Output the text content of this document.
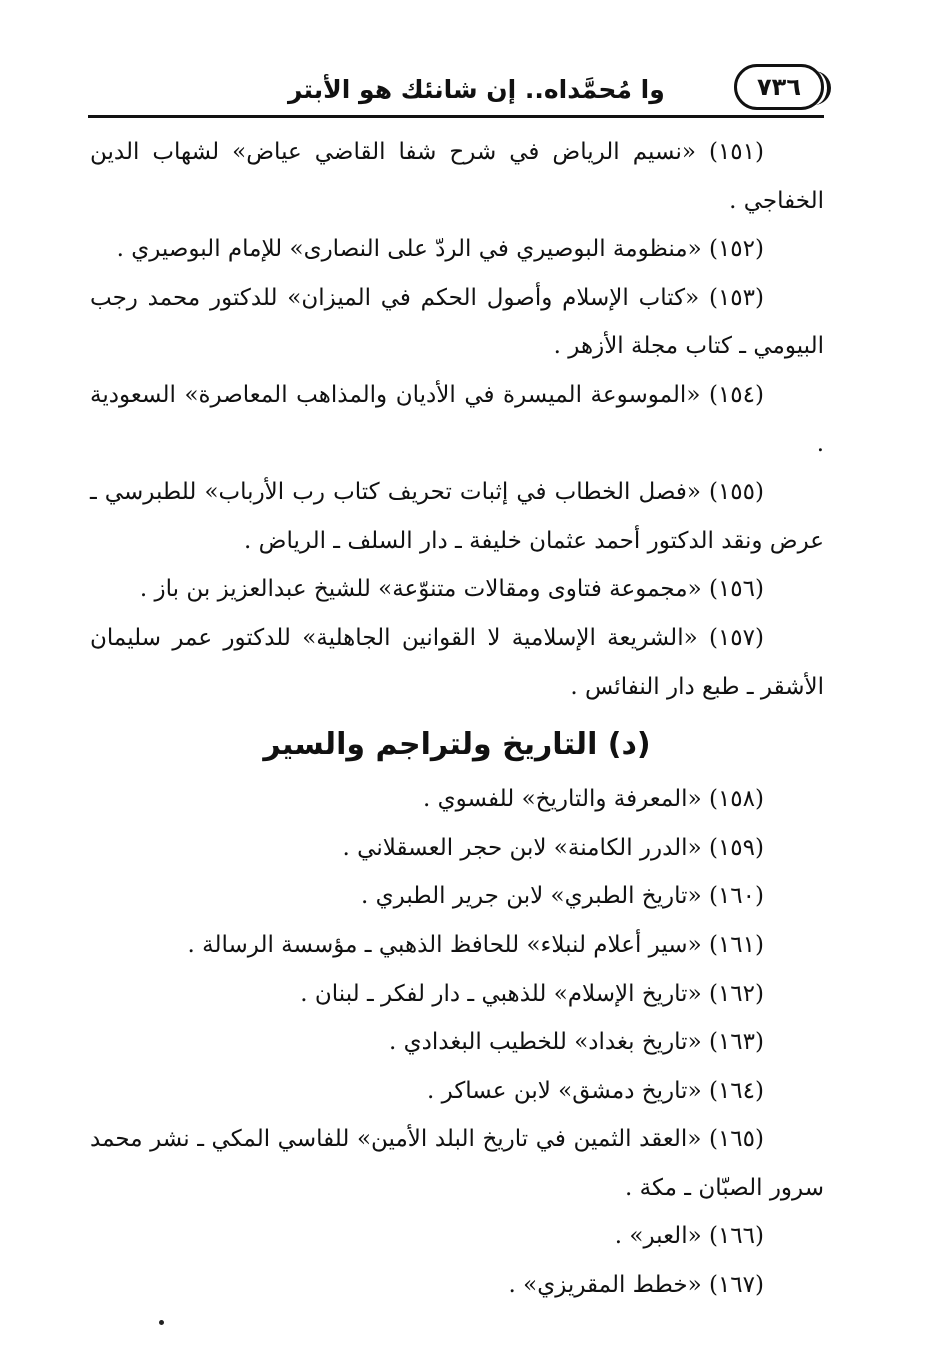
وا مُحمَّداه.. إن شانئك هو الأبتر	٧٣٦

(١٥١) «نسيم الرياض في شرح شفا القاضي عياض» لشهاب الدين الخفاجي .

(١٥٢) «منظومة البوصيري في الردّ على النصارى» للإمام البوصيري .

(١٥٣) «كتاب الإسلام وأصول الحكم في الميزان» للدكتور محمد رجب البيومي ـ كتاب مجلة الأزهر .

(١٥٤) «الموسوعة الميسرة في الأديان والمذاهب المعاصرة» السعودية .

(١٥٥) «فصل الخطاب في إثبات تحريف كتاب رب الأرباب» للطبرسي ـ عرض ونقد الدكتور أحمد عثمان خليفة ـ دار السلف ـ الرياض .

(١٥٦) «مجموعة فتاوى ومقالات متنوّعة» للشيخ عبدالعزيز بن باز .

(١٥٧) «الشريعة الإسلامية لا القوانين الجاهلية» للدكتور عمر سليمان الأشقر ـ طبع دار النفائس .

(د) التاريخ ولتراجم والسير

(١٥٨) «المعرفة والتاريخ» للفسوي .

(١٥٩) «الدرر الكامنة» لابن حجر العسقلاني .

(١٦٠) «تاريخ الطبري» لابن جرير الطبري .

(١٦١) «سير أعلام لنبلاء» للحافظ الذهبي ـ مؤسسة الرسالة .

(١٦٢) «تاريخ الإسلام» للذهبي ـ دار لفكر ـ لبنان .

(١٦٣) «تاريخ بغداد» للخطيب البغدادي .

(١٦٤) «تاريخ دمشق» لابن عساكر .

(١٦٥) «العقد الثمين في تاريخ البلد الأمين» للفاسي المكي ـ نشر محمد سرور الصبّان ـ مكة .

(١٦٦) «العبر» .

(١٦٧) «خطط المقريزي» .
